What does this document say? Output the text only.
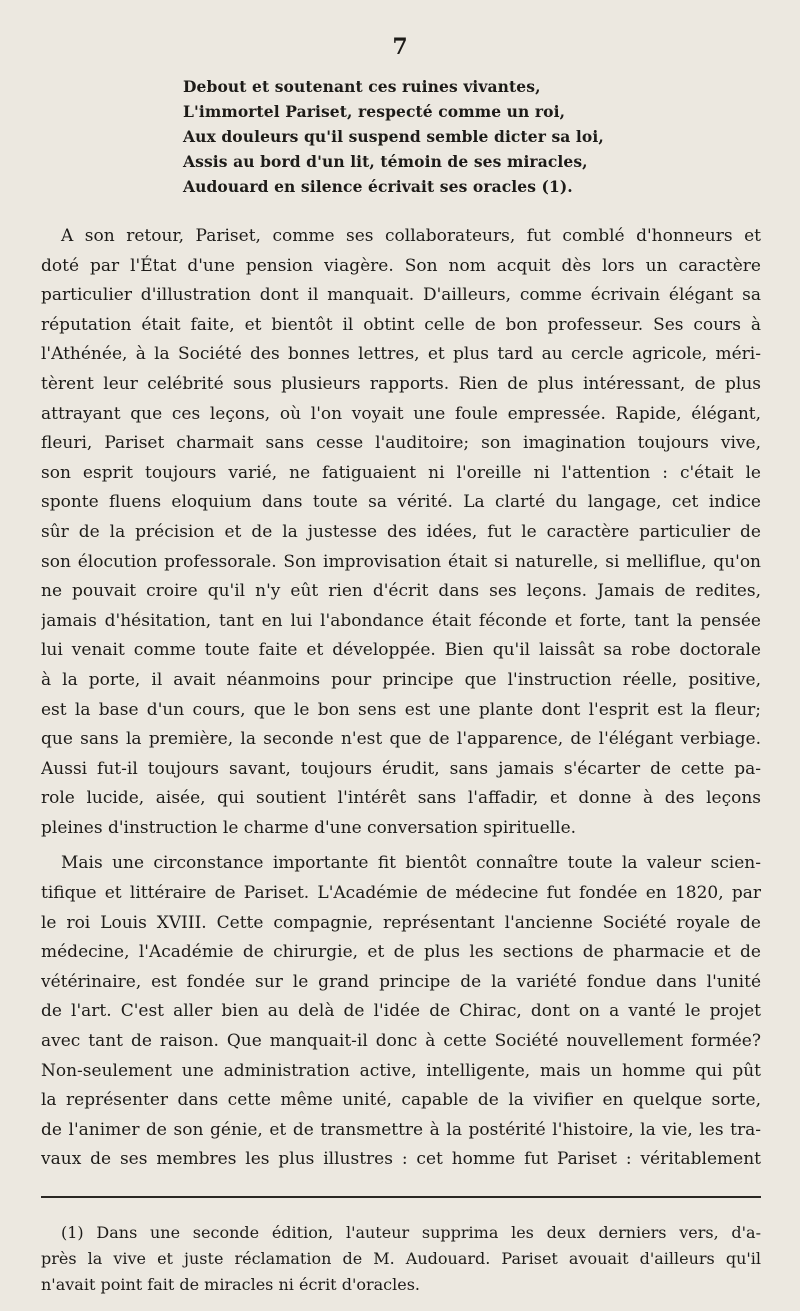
7
Debout et soutenant ces ruines vivantes,
L'immortel Pariset, respecté comme un roi,
Aux douleurs qu'il suspend semble dicter sa loi,
Assis au bord d'un lit, témoin de ses miracles,
Audouard en silence écrivait ses oracles (1).
A son retour, Pariset, comme ses collaborateurs, fut comblé d'honneurs et
doté par l'État d'une pension viagère. Son nom acquit dès lors un caractère
particulier d'illustration dont il manquait. D'ailleurs, comme écrivain élégant sa
réputation était faite, et bientôt il obtint celle de bon professeur. Ses cours à
l'Athénée, à la Société des bonnes lettres, et plus tard au cercle agricole, méri-
tèrent leur celébrité sous plusieurs rapports. Rien de plus intéressant, de plus
attrayant que ces leçons, où l'on voyait une foule empressée. Rapide, élégant,
fleuri, Pariset charmait sans cesse l'auditoire; son imagination toujours vive,
son esprit toujours varié, ne fatiguaient ni l'oreille ni l'attention : c'était le
sponte fluens eloquium dans toute sa vérité. La clarté du langage, cet indice
sûr de la précision et de la justesse des idées, fut le caractère particulier de
son élocution professorale. Son improvisation était si naturelle, si melliflue, qu'on
ne pouvait croire qu'il n'y eût rien d'écrit dans ses leçons. Jamais de redites,
jamais d'hésitation, tant en lui l'abondance était féconde et forte, tant la pensée
lui venait comme toute faite et développée. Bien qu'il laissât sa robe doctorale
à la porte, il avait néanmoins pour principe que l'instruction réelle, positive,
est la base d'un cours, que le bon sens est une plante dont l'esprit est la fleur;
que sans la première, la seconde n'est que de l'apparence, de l'élégant verbiage.
Aussi fut-il toujours savant, toujours érudit, sans jamais s'écarter de cette pa-
role lucide, aisée, qui soutient l'intérêt sans l'affadir, et donne à des leçons
pleines d'instruction le charme d'une conversation spirituelle.
Mais une circonstance importante fit bientôt connaître toute la valeur scien-
tifique et littéraire de Pariset. L'Académie de médecine fut fondée en 1820, par
le roi Louis XVIII. Cette compagnie, représentant l'ancienne Société royale de
médecine, l'Académie de chirurgie, et de plus les sections de pharmacie et de
vétérinaire, est fondée sur le grand principe de la variété fondue dans l'unité
de l'art. C'est aller bien au delà de l'idée de Chirac, dont on a vanté le projet
avec tant de raison. Que manquait-il donc à cette Société nouvellement formée?
Non-seulement une administration active, intelligente, mais un homme qui pût
la représenter dans cette même unité, capable de la vivifier en quelque sorte,
de l'animer de son génie, et de transmettre à la postérité l'histoire, la vie, les tra-
vaux de ses membres les plus illustres : cet homme fut Pariset : véritablement
(1) Dans une seconde édition, l'auteur supprima les deux derniers vers, d'a-
près la vive et juste réclamation de M. Audouard. Pariset avouait d'ailleurs qu'il
n'avait point fait de miracles ni écrit d'oracles.
